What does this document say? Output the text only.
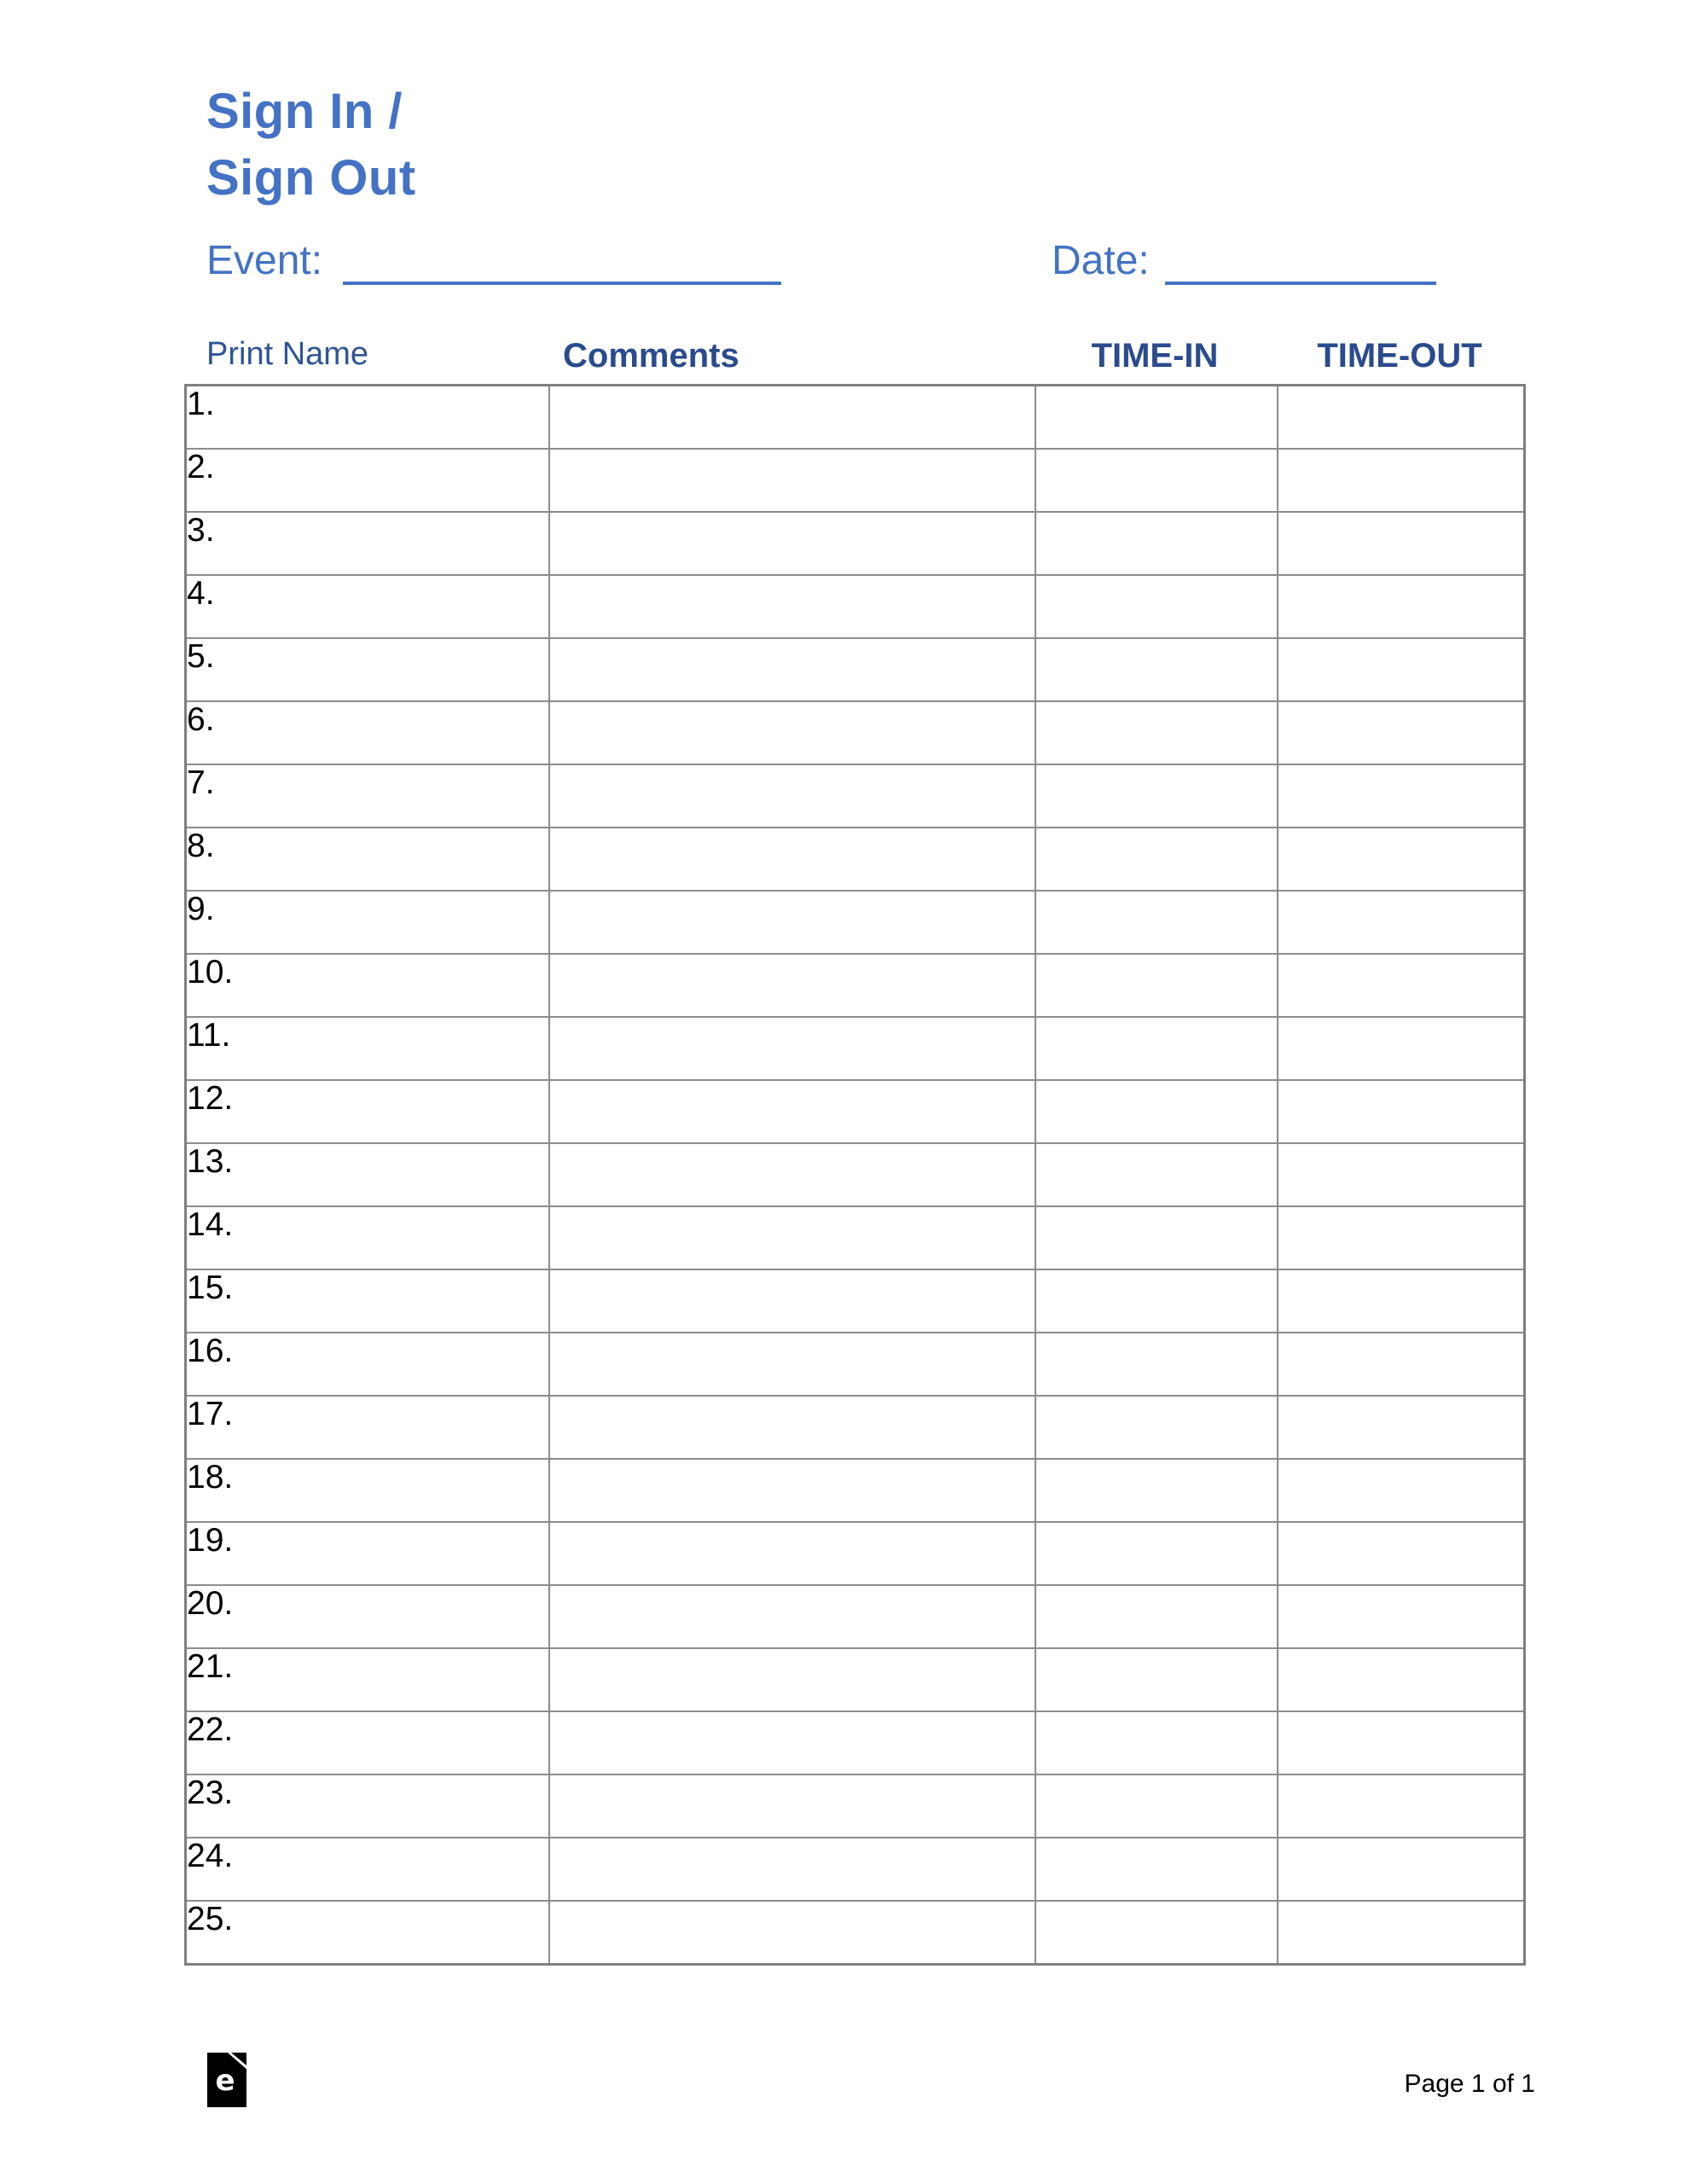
Sign In /
Sign Out
Event:	Date:
Print Name	Comments	TIME-IN	TIME-OUT
1.			
2.			
3.			
4.			
5.			
6.			
7.			
8.			
9.			
10.			
11.			
12.			
13.			
14.			
15.			
16.			
17.			
18.			
19.			
20.			
21.			
22.			
23.			
24.			
25.			
e	Page 1 of 1
